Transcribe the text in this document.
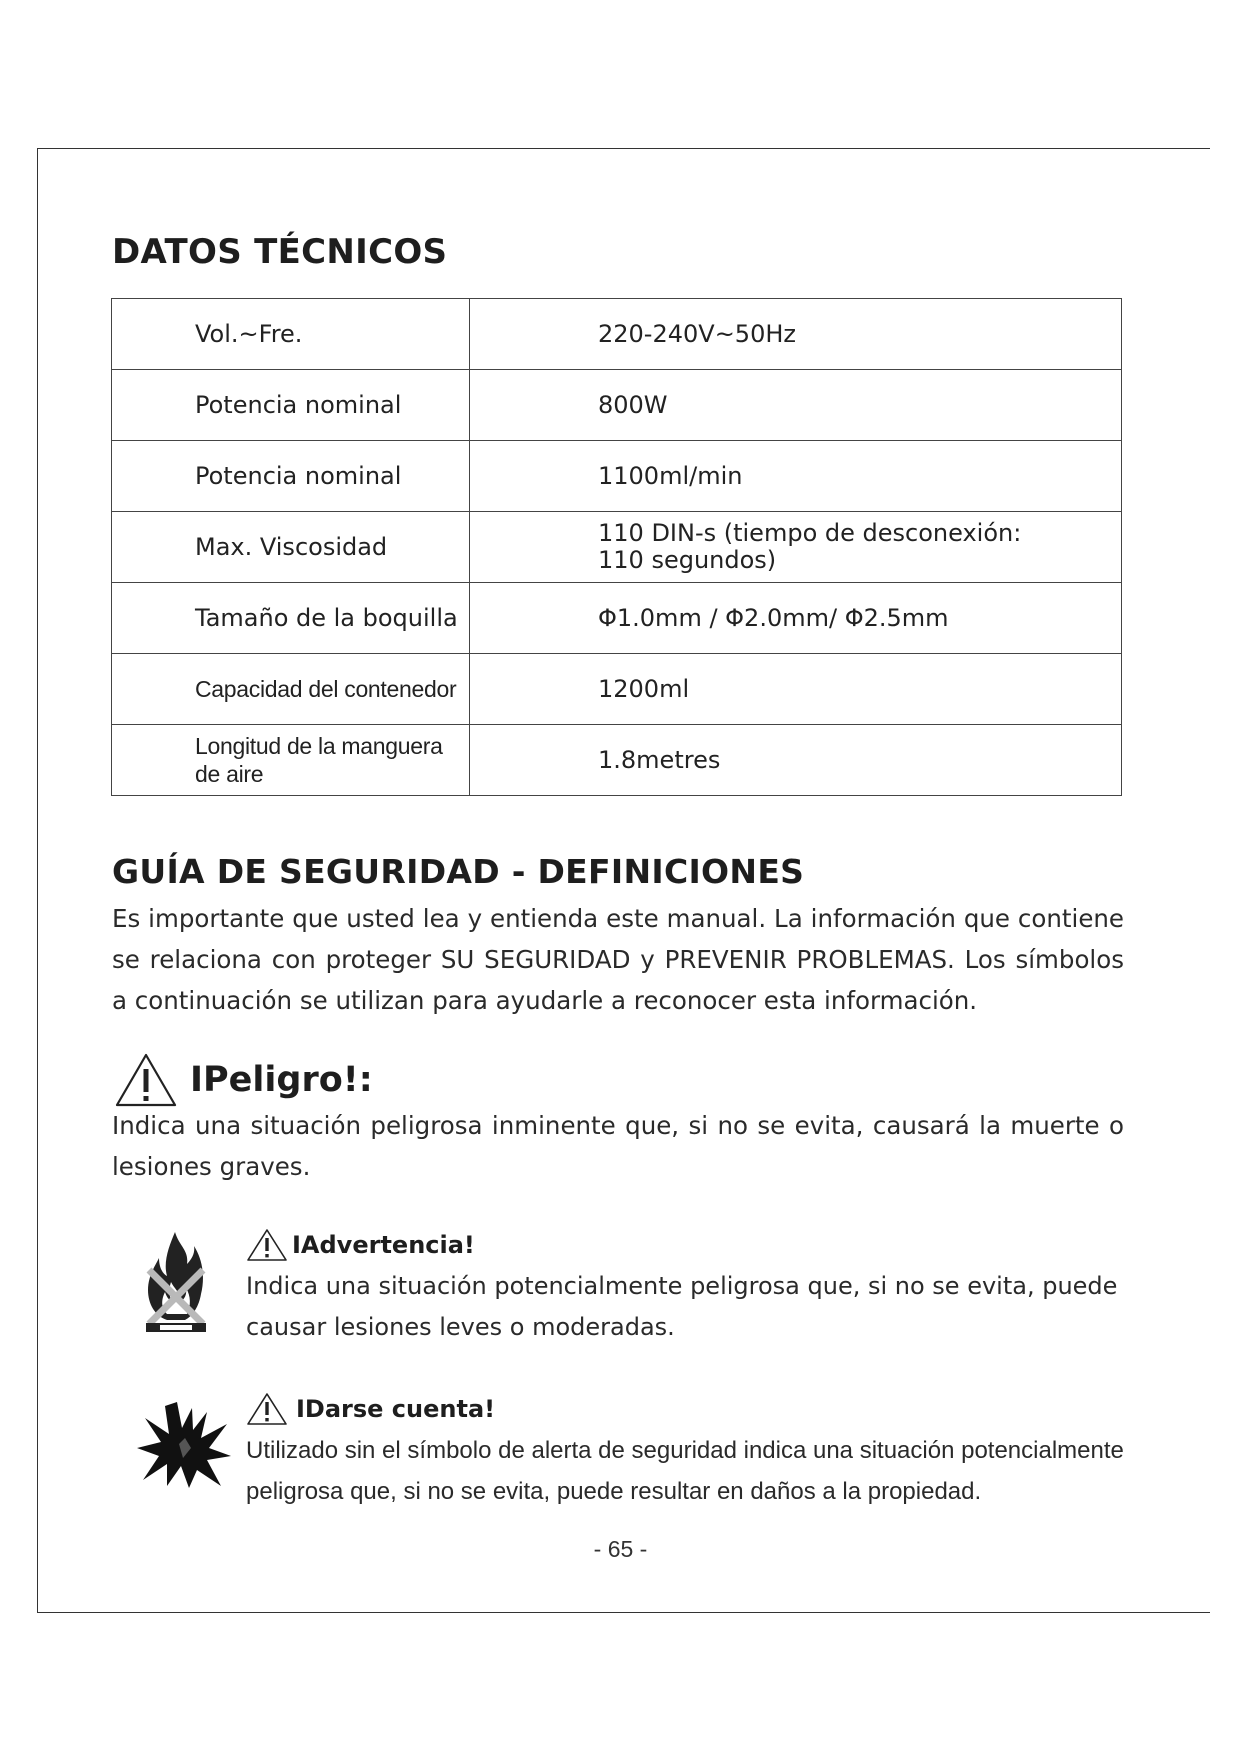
DATOS TÉCNICOS
Vol.~Fre.	220-240V~50Hz
Potencia nominal	800W
Potencia nominal	1100ml/min
Max. Viscosidad	110 DIN-s (tiempo de desconexión:
110 segundos)

Tamaño de la boquilla	Φ1.0mm / Φ2.0mm/ Φ2.5mm
Capacidad del contenedor	1200ml

Longitud de la manguera
de aire	1.8metres
GUÍA DE SEGURIDAD - DEFINICIONES

Es importante que usted lea y entienda este manual. La información que contiene se relaciona con proteger SU SEGURIDAD y PREVENIR PROBLEMAS. Los símbolos a continuación se utilizan para ayudarle a reconocer esta información.

IPeligro!:

Indica una situación peligrosa inminente que, si no se evita, causará la muerte o lesiones graves.

IAdvertencia!

Indica una situación potencialmente peligrosa que, si no se evita, puede causar lesiones leves o moderadas.

IDarse cuenta!

Utilizado sin el símbolo de alerta de seguridad indica una situación potencialmente peligrosa que, si no se evita, puede resultar en daños a la propiedad.

- 65 -
